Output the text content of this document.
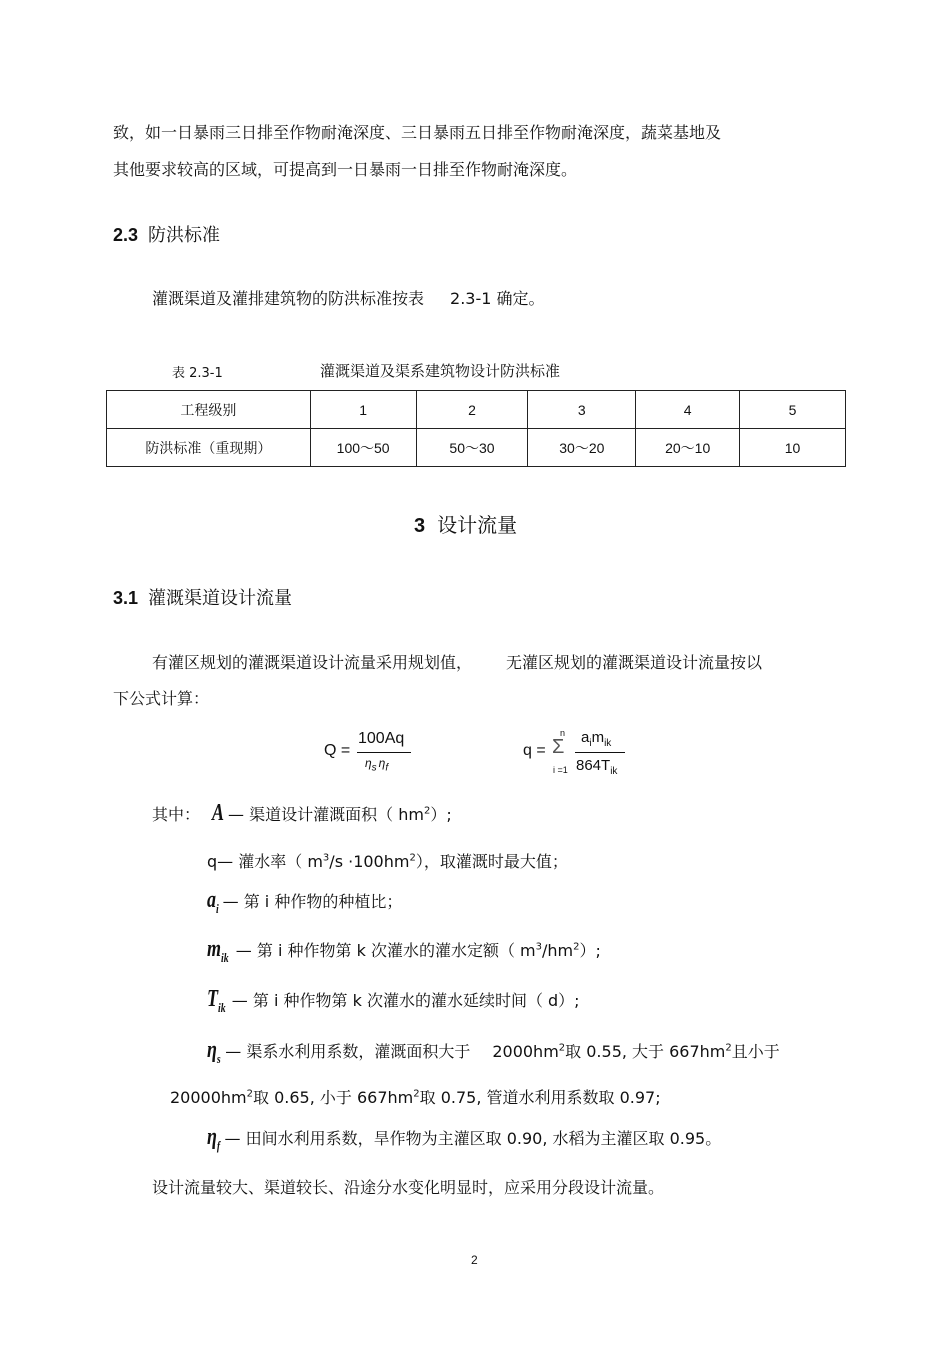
致，如一日暴雨三日排至作物耐淹深度、三日暴雨五日排至作物耐淹深度，蔬菜基地及
其他要求较高的区域，可提高到一日暴雨一日排至作物耐淹深度。
2.3 防洪标准
灌溉渠道及灌排建筑物的防洪标准按表 2.3-1 确定。
表 2.3-1	灌溉渠道及渠系建筑物设计防洪标准
工程级别	1	2	3	4	5
防洪标准（重现期）	100～50	50～30	30～20	20～10	10
3 设计流量
3.1 灌溉渠道设计流量
有灌区规划的灌溉渠道设计流量采用规划值， 无灌区规划的灌溉渠道设计流量按以
下公式计算：
Q =
100Aq
$\eta_s$ $\eta_f$
q =
n
Σ
i =1
$a_im_{ik}$
$864T_{ik}$
其中： A — 渠道设计灌溉面积（ $hm^2$）;
q— 灌水率（ $m^3/s \cdot 100hm^2$），取灌溉时最大值；
$a_i$ — 第 i 种作物的种植比；
$m_{ik}$ — 第 i 种作物第 k 次灌水的灌水定额（ $m^3/hm^2$）;
$T_{ik}$ — 第 i 种作物第 k 次灌水的灌水延续时间（ d）;
$\eta_s$ — 渠系水利用系数，灌溉面积大于 $2000hm^2$取 0.55, 大于 $667hm^2$且小于
$20000hm^2$取 0.65, 小于 $667hm^2$取 0.75, 管道水利用系数取 0.97;
$\eta_f$ — 田间水利用系数，旱作物为主灌区取 0.90, 水稻为主灌区取 0.95。
设计流量较大、渠道较长、沿途分水变化明显时，应采用分段设计流量。
2
